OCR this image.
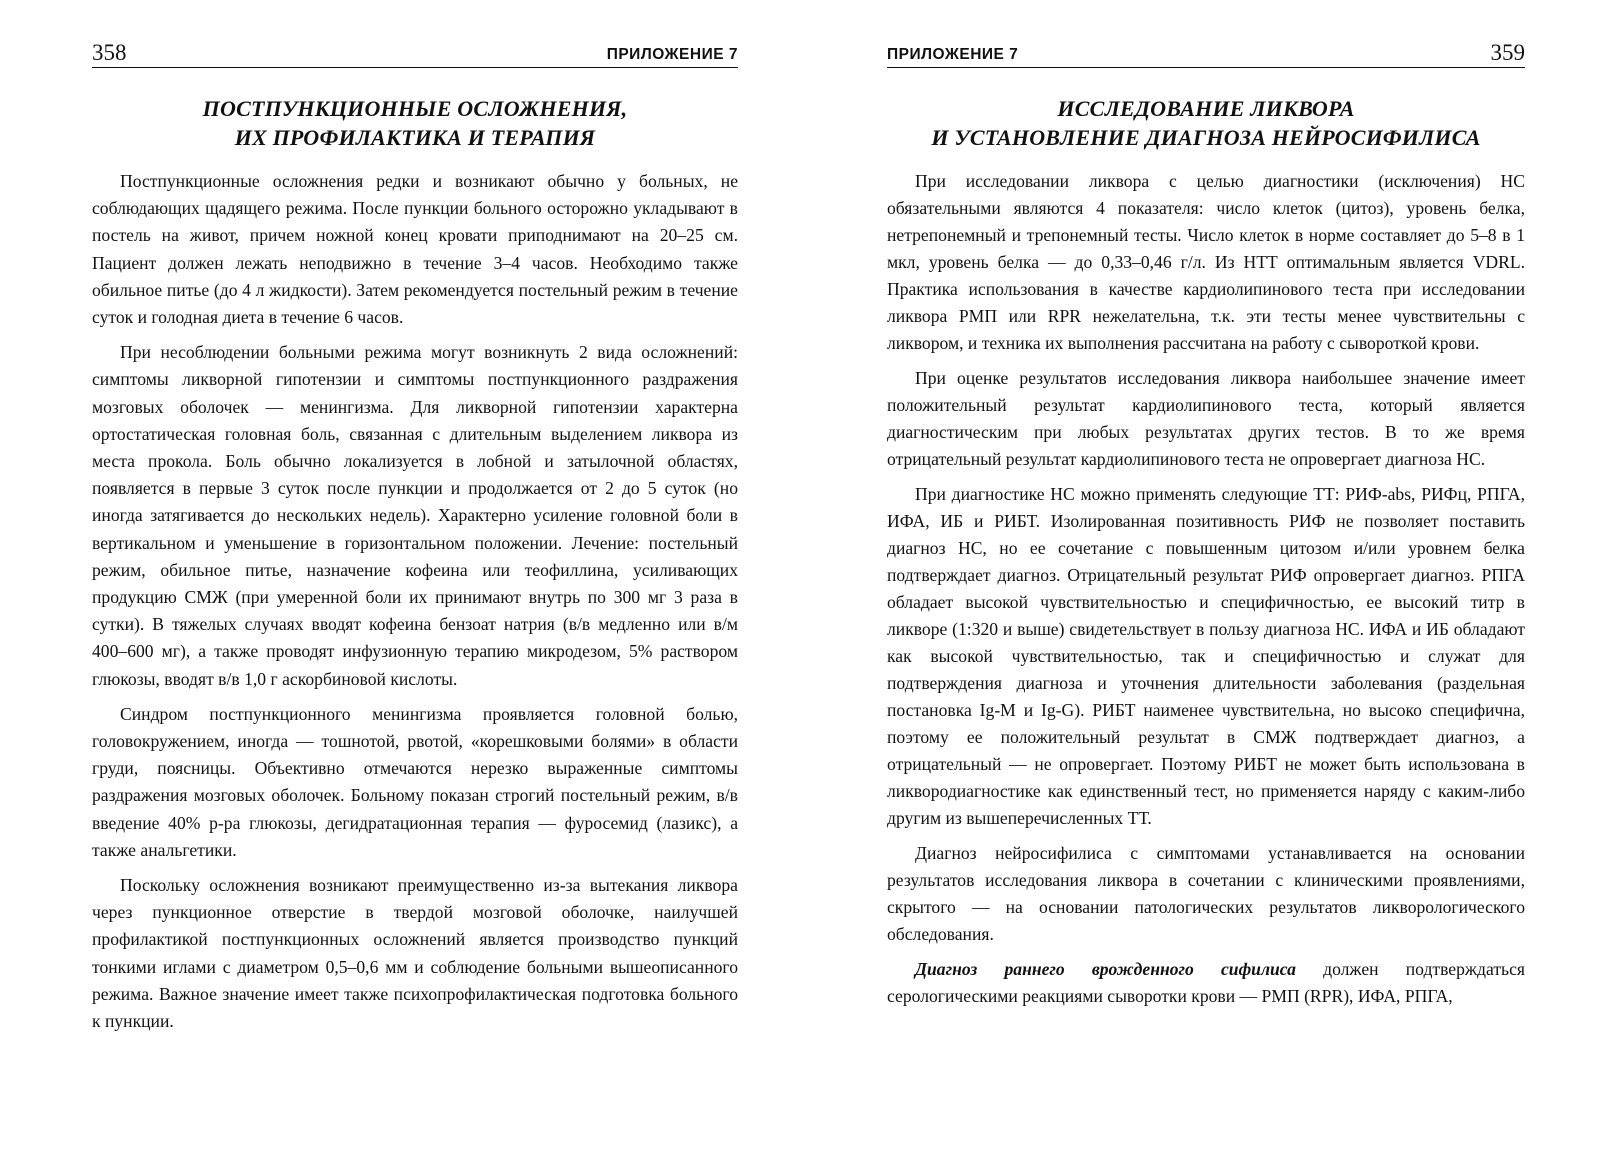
358	ПРИЛОЖЕНИЕ 7
ПОСТПУНКЦИОННЫЕ ОСЛОЖНЕНИЯ,
ИХ ПРОФИЛАКТИКА И ТЕРАПИЯ

Постпункционные осложнения редки и возникают обычно у больных, не соблюдающих щадящего режима. После пункции больного осторожно укладывают в постель на живот, причем ножной конец кровати приподнимают на 20–25 см. Пациент должен лежать неподвижно в течение 3–4 часов. Необходимо также обильное питье (до 4 л жидкости). Затем рекомендуется постельный режим в течение суток и голодная диета в течение 6 часов.

При несоблюдении больными режима могут возникнуть 2 вида осложнений: симптомы ликворной гипотензии и симптомы постпункционного раздражения мозговых оболочек — менингизма. Для ликворной гипотензии характерна ортостатическая головная боль, связанная с длительным выделением ликвора из места прокола. Боль обычно локализуется в лобной и затылочной областях, появляется в первые 3 суток после пункции и продолжается от 2 до 5 суток (но иногда затягивается до нескольких недель). Характерно усиление головной боли в вертикальном и уменьшение в горизонтальном положении. Лечение: постельный режим, обильное питье, назначение кофеина или теофиллина, усиливающих продукцию СМЖ (при умеренной боли их принимают внутрь по 300 мг 3 раза в сутки). В тяжелых случаях вводят кофеина бензоат натрия (в/в медленно или в/м 400–600 мг), а также проводят инфузионную терапию микродезом, 5% раствором глюкозы, вводят в/в 1,0 г аскорбиновой кислоты.

Синдром постпункционного менингизма проявляется головной болью, головокружением, иногда — тошнотой, рвотой, «корешковыми болями» в области груди, поясницы. Объективно отмечаются нерезко выраженные симптомы раздражения мозговых оболочек. Больному показан строгий постельный режим, в/в введение 40% р-ра глюкозы, дегидратационная терапия — фуросемид (лазикс), а также анальгетики.

Поскольку осложнения возникают преимущественно из-за вытекания ликвора через пункционное отверстие в твердой мозговой оболочке, наилучшей профилактикой постпункционных осложнений является производство пункций тонкими иглами с диаметром 0,5–0,6 мм и соблюдение больными вышеописанного режима. Важное значение имеет также психопрофилактическая подготовка больного к пункции.

ПРИЛОЖЕНИЕ 7	359
ИССЛЕДОВАНИЕ ЛИКВОРА
И УСТАНОВЛЕНИЕ ДИАГНОЗА НЕЙРОСИФИЛИСА

При исследовании ликвора с целью диагностики (исключения) НС обязательными являются 4 показателя: число клеток (цитоз), уровень белка, нетрепонемный и трепонемный тесты. Число клеток в норме составляет до 5–8 в 1 мкл, уровень белка — до 0,33–0,46 г/л. Из НТТ оптимальным является VDRL. Практика использования в качестве кардиолипинового теста при исследовании ликвора РМП или RPR нежелательна, т.к. эти тесты менее чувствительны с ликвором, и техника их выполнения рассчитана на работу с сывороткой крови.

При оценке результатов исследования ликвора наибольшее значение имеет положительный результат кардиолипинового теста, который является диагностическим при любых результатах других тестов. В то же время отрицательный результат кардиолипинового теста не опровергает диагноза НС.

При диагностике НС можно применять следующие ТТ: РИФ-abs, РИФц, РПГА, ИФА, ИБ и РИБТ. Изолированная позитивность РИФ не позволяет поставить диагноз НС, но ее сочетание с повышенным цитозом и/или уровнем белка подтверждает диагноз. Отрицательный результат РИФ опровергает диагноз. РПГА обладает высокой чувствительностью и специфичностью, ее высокий титр в ликворе (1:320 и выше) свидетельствует в пользу диагноза НС. ИФА и ИБ обладают как высокой чувствительностью, так и специфичностью и служат для подтверждения диагноза и уточнения длительности заболевания (раздельная постановка Ig-M и Ig-G). РИБТ наименее чувствительна, но высоко специфична, поэтому ее положительный результат в СМЖ подтверждает диагноз, а отрицательный — не опровергает. Поэтому РИБТ не может быть использована в ликвородиагностике как единственный тест, но применяется наряду с каким-либо другим из вышеперечисленных ТТ.

Диагноз нейросифилиса с симптомами устанавливается на основании результатов исследования ликвора в сочетании с клиническими проявлениями, скрытого — на основании патологических результатов ликворологического обследования.

Диагноз раннего врожденного сифилиса должен подтверждаться серологическими реакциями сыворотки крови — РМП (RPR), ИФА, РПГА,
